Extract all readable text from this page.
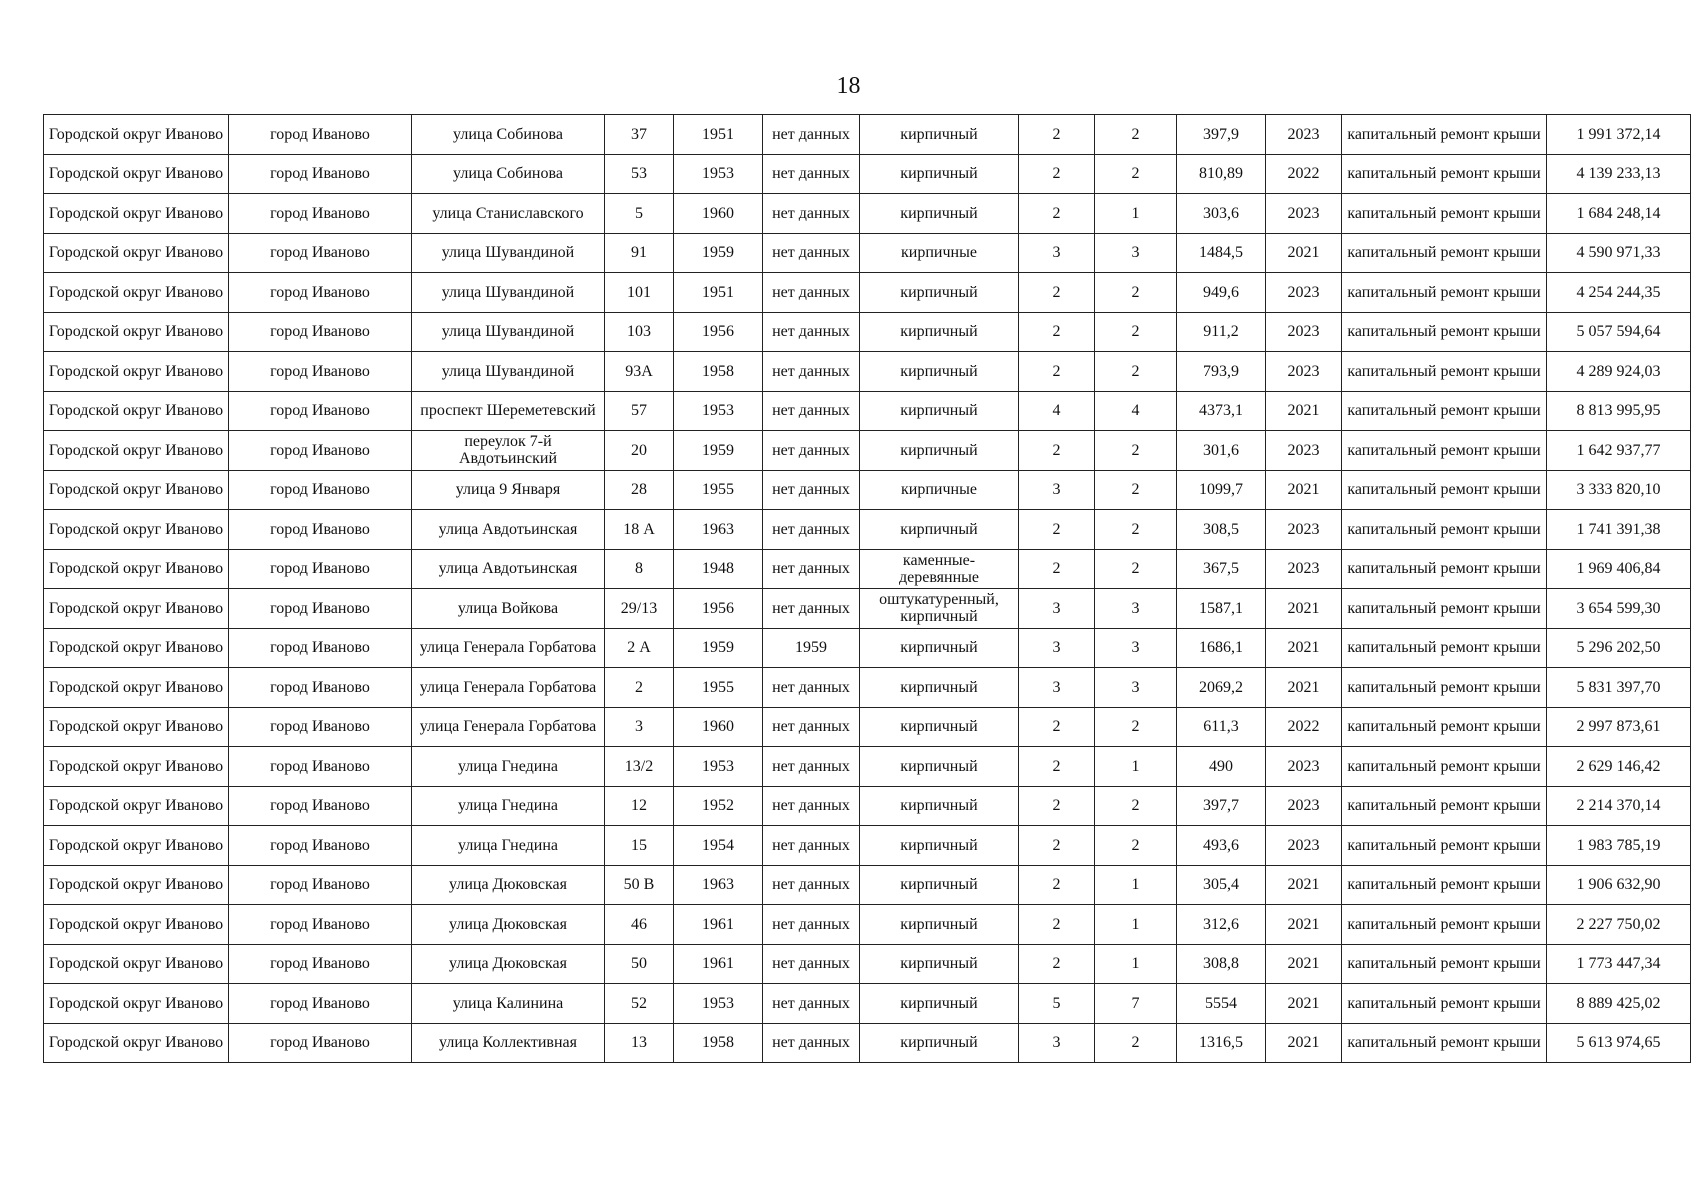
18
Городской округ Иваново	город Иваново	улица Собинова	37	1951	нет данных	кирпичный	2	2	397,9	2023	капитальный ремонт крыши	1 991 372,14
Городской округ Иваново	город Иваново	улица Собинова	53	1953	нет данных	кирпичный	2	2	810,89	2022	капитальный ремонт крыши	4 139 233,13
Городской округ Иваново	город Иваново	улица Станиславского	5	1960	нет данных	кирпичный	2	1	303,6	2023	капитальный ремонт крыши	1 684 248,14
Городской округ Иваново	город Иваново	улица Шувандиной	91	1959	нет данных	кирпичные	3	3	1484,5	2021	капитальный ремонт крыши	4 590 971,33
Городской округ Иваново	город Иваново	улица Шувандиной	101	1951	нет данных	кирпичный	2	2	949,6	2023	капитальный ремонт крыши	4 254 244,35
Городской округ Иваново	город Иваново	улица Шувандиной	103	1956	нет данных	кирпичный	2	2	911,2	2023	капитальный ремонт крыши	5 057 594,64
Городской округ Иваново	город Иваново	улица Шувандиной	93А	1958	нет данных	кирпичный	2	2	793,9	2023	капитальный ремонт крыши	4 289 924,03
Городской округ Иваново	город Иваново	проспект Шереметевский	57	1953	нет данных	кирпичный	4	4	4373,1	2021	капитальный ремонт крыши	8 813 995,95
Городской округ Иваново	город Иваново	переулок 7-й Авдотьинский	20	1959	нет данных	кирпичный	2	2	301,6	2023	капитальный ремонт крыши	1 642 937,77
Городской округ Иваново	город Иваново	улица 9 Января	28	1955	нет данных	кирпичные	3	2	1099,7	2021	капитальный ремонт крыши	3 333 820,10
Городской округ Иваново	город Иваново	улица Авдотьинская	18 А	1963	нет данных	кирпичный	2	2	308,5	2023	капитальный ремонт крыши	1 741 391,38
Городской округ Иваново	город Иваново	улица Авдотьинская	8	1948	нет данных	каменные-деревянные	2	2	367,5	2023	капитальный ремонт крыши	1 969 406,84
Городской округ Иваново	город Иваново	улица Войкова	29/13	1956	нет данных	оштукатуренный, кирпичный	3	3	1587,1	2021	капитальный ремонт крыши	3 654 599,30
Городской округ Иваново	город Иваново	улица Генерала Горбатова	2 А	1959	1959	кирпичный	3	3	1686,1	2021	капитальный ремонт крыши	5 296 202,50
Городской округ Иваново	город Иваново	улица Генерала Горбатова	2	1955	нет данных	кирпичный	3	3	2069,2	2021	капитальный ремонт крыши	5 831 397,70
Городской округ Иваново	город Иваново	улица Генерала Горбатова	3	1960	нет данных	кирпичный	2	2	611,3	2022	капитальный ремонт крыши	2 997 873,61
Городской округ Иваново	город Иваново	улица Гнедина	13/2	1953	нет данных	кирпичный	2	1	490	2023	капитальный ремонт крыши	2 629 146,42
Городской округ Иваново	город Иваново	улица Гнедина	12	1952	нет данных	кирпичный	2	2	397,7	2023	капитальный ремонт крыши	2 214 370,14
Городской округ Иваново	город Иваново	улица Гнедина	15	1954	нет данных	кирпичный	2	2	493,6	2023	капитальный ремонт крыши	1 983 785,19
Городской округ Иваново	город Иваново	улица Дюковская	50 В	1963	нет данных	кирпичный	2	1	305,4	2021	капитальный ремонт крыши	1 906 632,90
Городской округ Иваново	город Иваново	улица Дюковская	46	1961	нет данных	кирпичный	2	1	312,6	2021	капитальный ремонт крыши	2 227 750,02
Городской округ Иваново	город Иваново	улица Дюковская	50	1961	нет данных	кирпичный	2	1	308,8	2021	капитальный ремонт крыши	1 773 447,34
Городской округ Иваново	город Иваново	улица Калинина	52	1953	нет данных	кирпичный	5	7	5554	2021	капитальный ремонт крыши	8 889 425,02
Городской округ Иваново	город Иваново	улица Коллективная	13	1958	нет данных	кирпичный	3	2	1316,5	2021	капитальный ремонт крыши	5 613 974,65
